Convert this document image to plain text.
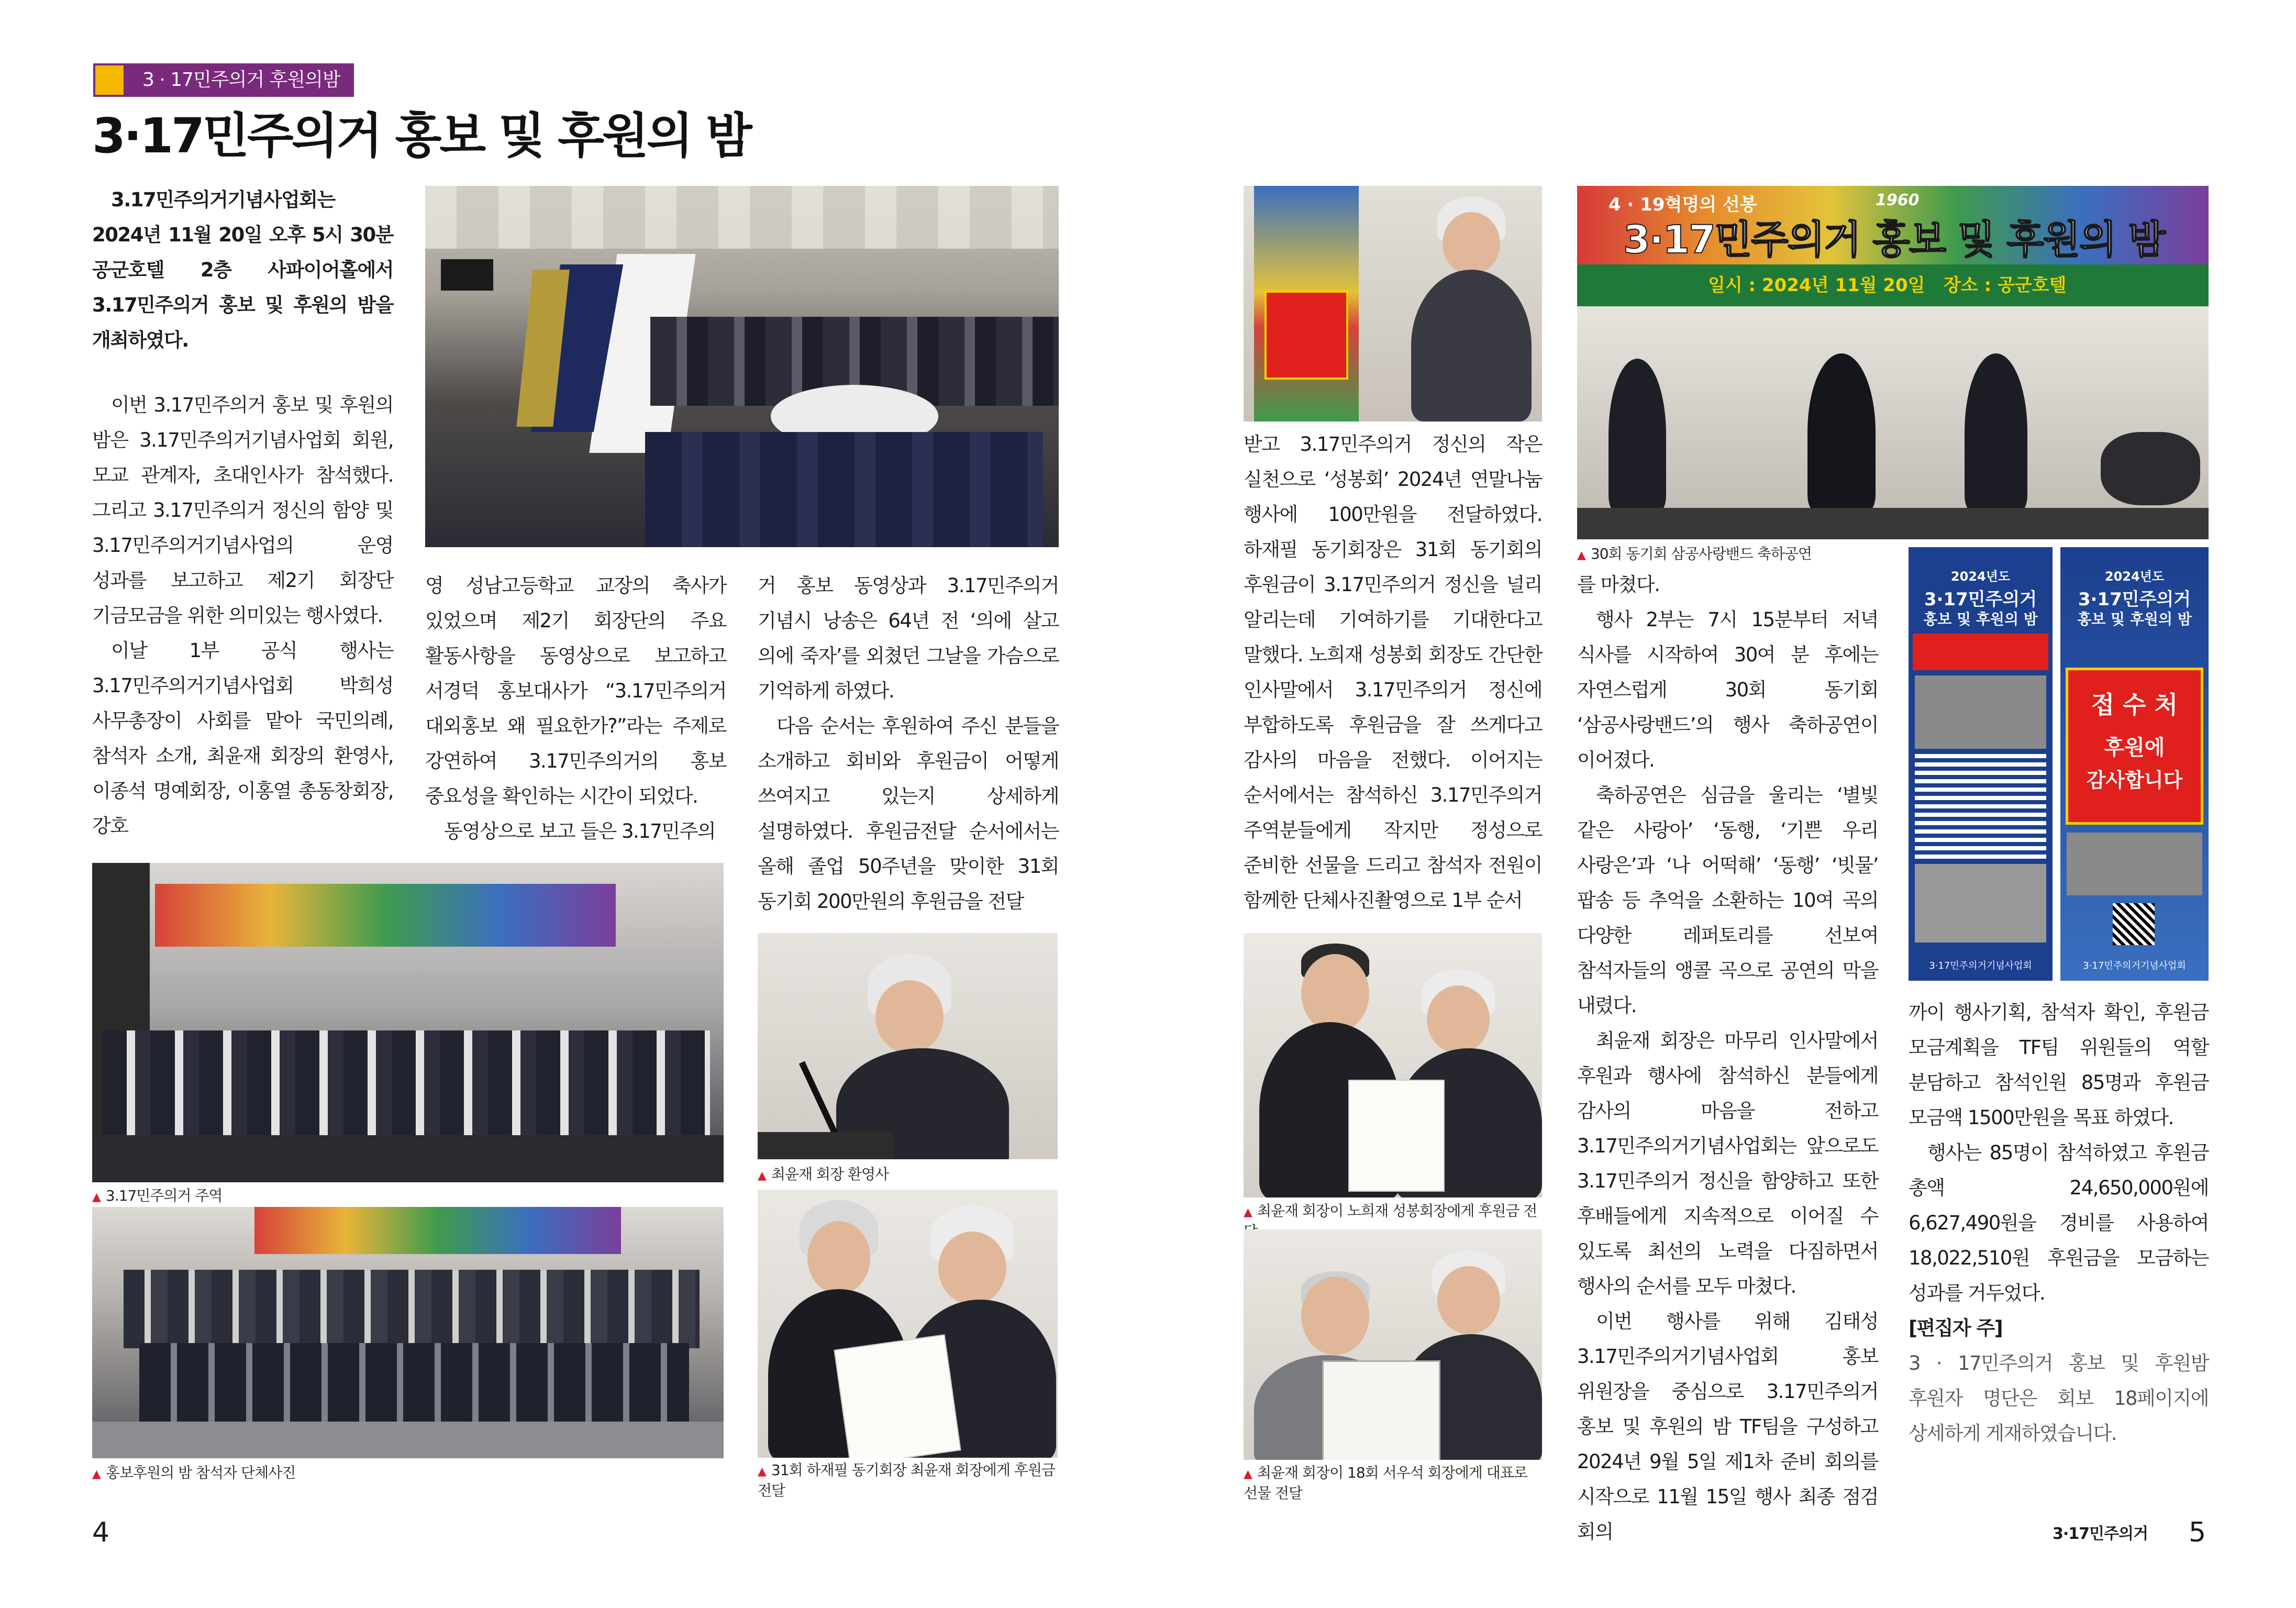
3 · 17민주의거 후원의밤
3·17민주의거 홍보 및 후원의 밤
3.17민주의거기념사업회는 2024년 11월 20일 오후 5시 30분 공군호텔 2층 사파이어홀에서 3.17민주의거 홍보 및 후원의 밤을 개최하였다.

이번 3.17민주의거 홍보 및 후원의 밤은 3.17민주의거기념사업회 회원, 모교 관계자, 초대인사가 참석했다. 그리고 3.17민주의거 정신의 함양 및 3.17민주의거기념사업의 운영 성과를 보고하고 제2기 회장단 기금모금을 위한 의미있는 행사였다.

이날 1부 공식 행사는 3.17민주의거기념사업회 박희성 사무총장이 사회를 맡아 국민의례, 참석자 소개, 최윤재 회장의 환영사, 이종석 명예회장, 이홍열 총동창회장, 강호

영 성남고등학교 교장의 축사가 있었으며 제2기 회장단의 주요 활동사항을 동영상으로 보고하고 서경덕 홍보대사가 “3.17민주의거 대외홍보 왜 필요한가?”라는 주제로 강연하여 3.17민주의거의 홍보 중요성을 확인하는 시간이 되었다.

동영상으로 보고 들은 3.17민주의

거 홍보 동영상과 3.17민주의거 기념시 낭송은 64년 전 ‘의에 살고 의에 죽자’를 외쳤던 그날을 가슴으로 기억하게 하였다.

다음 순서는 후원하여 주신 분들을 소개하고 회비와 후원금이 어떻게 쓰여지고 있는지 상세하게 설명하였다. 후원금전달 순서에서는 올해 졸업 50주년을 맞이한 31회 동기회 200만원의 후원금을 전달

▲ 3.17민주의거 주역
▲ 홍보후원의 밤 참석자 단체사진
▲ 최윤재 회장 환영사
▲ 31회 하재필 동기회장 최윤재 회장에게 후원금 전달
4

받고 3.17민주의거 정신의 작은 실천으로 ‘성봉회’ 2024년 연말나눔 행사에 100만원을 전달하였다. 하재필 동기회장은 31회 동기회의 후원금이 3.17민주의거 정신을 널리 알리는데 기여하기를 기대한다고 말했다. 노희재 성봉회 회장도 간단한 인사말에서 3.17민주의거 정신에 부합하도록 후원금을 잘 쓰게다고 감사의 마음을 전했다. 이어지는 순서에서는 참석하신 3.17민주의거 주역분들에게 작지만 정성으로 준비한 선물을 드리고 참석자 전원이 함께한 단체사진촬영으로 1부 순서

▲ 최윤재 회장이 노희재 성봉회장에게 후원금 전
▲ 최윤재 회장이 18회 서우석 회장에게 대표로 선물 전달
4 · 19혁명의 선봉	1960
3·17민주의거 홍보 및 후원의 밤
일시 : 2024년 11월 20일 장소 : 공군호텔
▲ 30회 동기회 삼공사랑밴드 축하공연

를 마쳤다.

행사 2부는 7시 15분부터 저녁 식사를 시작하여 30여 분 후에는 자연스럽게 30회 동기회 ‘삼공사랑밴드’의 행사 축하공연이 이어졌다.

축하공연은 심금을 울리는 ‘별빛 같은 사랑아’ ‘동행, ‘기쁜 우리 사랑은’과 ‘나 어떡해’ ‘동행’ ‘빗물’ 팝송 등 추억을 소환하는 10여 곡의 다양한 레퍼토리를 선보여 참석자들의 앵콜 곡으로 공연의 막을 내렸다.

최윤재 회장은 마무리 인사말에서 후원과 행사에 참석하신 분들에게 감사의 마음을 전하고 3.17민주의거기념사업회는 앞으로도 3.17민주의거 정신을 함양하고 또한 후배들에게 지속적으로 이어질 수 있도록 최선의 노력을 다짐하면서 행사의 순서를 모두 마쳤다.

이번 행사를 위해 김태성 3.17민주의거기념사업회 홍보 위원장을 중심으로 3.17민주의거 홍보 및 후원의 밤 TF팀을 구성하고 2024년 9월 5일 제1차 준비 회의를 시작으로 11월 15일 행사 최종 점검 회의

2024년도
3·17민주의거
홍보 및 후원의 밤
3·17민주의거기념사업회
2024년도
3·17민주의거
홍보 및 후원의 밤
접 수 처
후원에
감사합니다
3·17민주의거기념사업회

까이 행사기획, 참석자 확인, 후원금 모금계획을 TF팀 위원들의 역할 분담하고 참석인원 85명과 후원금 모금액 1500만원을 목표 하였다.

행사는 85명이 참석하였고 후원금 총액 24,650,000원에 6,627,490원을 경비를 사용하여 18,022,510원 후원금을 모금하는 성과를 거두었다.

[편집자 주]

3 · 17민주의거 홍보 및 후원밤 후원자 명단은 회보 18페이지에 상세하게 게재하였습니다.

3·17민주의거 5
